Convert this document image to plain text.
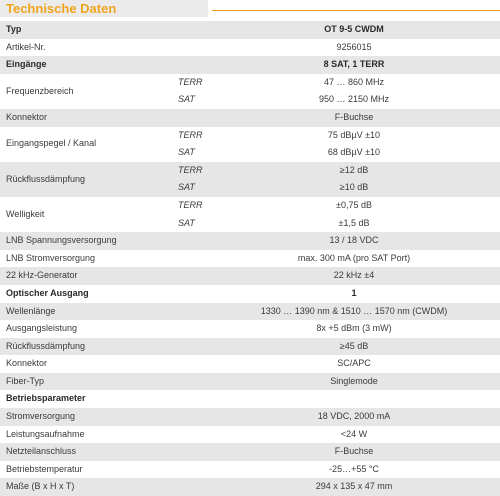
Technische Daten
Typ		OT 9-5 CWDM
Artikel-Nr.		9256015
Eingänge		8 SAT, 1 TERR
Frequenzbereich	TERR	47 … 860 MHz
	SAT	950 … 2150 MHz
Konnektor		F-Buchse
Eingangspegel / Kanal	TERR	75 dBµV ±10
	SAT	68 dBµV ±10
Rückflussdämpfung	TERR	≥12 dB
	SAT	≥10 dB
Welligkeit	TERR	±0,75 dB
	SAT	±1,5 dB
LNB Spannungsversorgung		13 / 18 VDC
LNB Stromversorgung		max. 300 mA (pro SAT Port)
22 kHz-Generator		22 kHz ±4
Optischer Ausgang		1
Wellenlänge		1330 … 1390 nm & 1510 … 1570 nm (CWDM)
Ausgangsleistung		8x +5 dBm (3 mW)
Rückflussdämpfung		≥45 dB
Konnektor		SC/APC
Fiber-Typ		Singlemode
Betriebsparameter		
Stromversorgung		18 VDC, 2000 mA
Leistungsaufnahme		<24 W
Netzteilanschluss		F-Buchse
Betriebstemperatur		-25…+55 °C
Maße (B x H x T)		294 x 135 x 47 mm
